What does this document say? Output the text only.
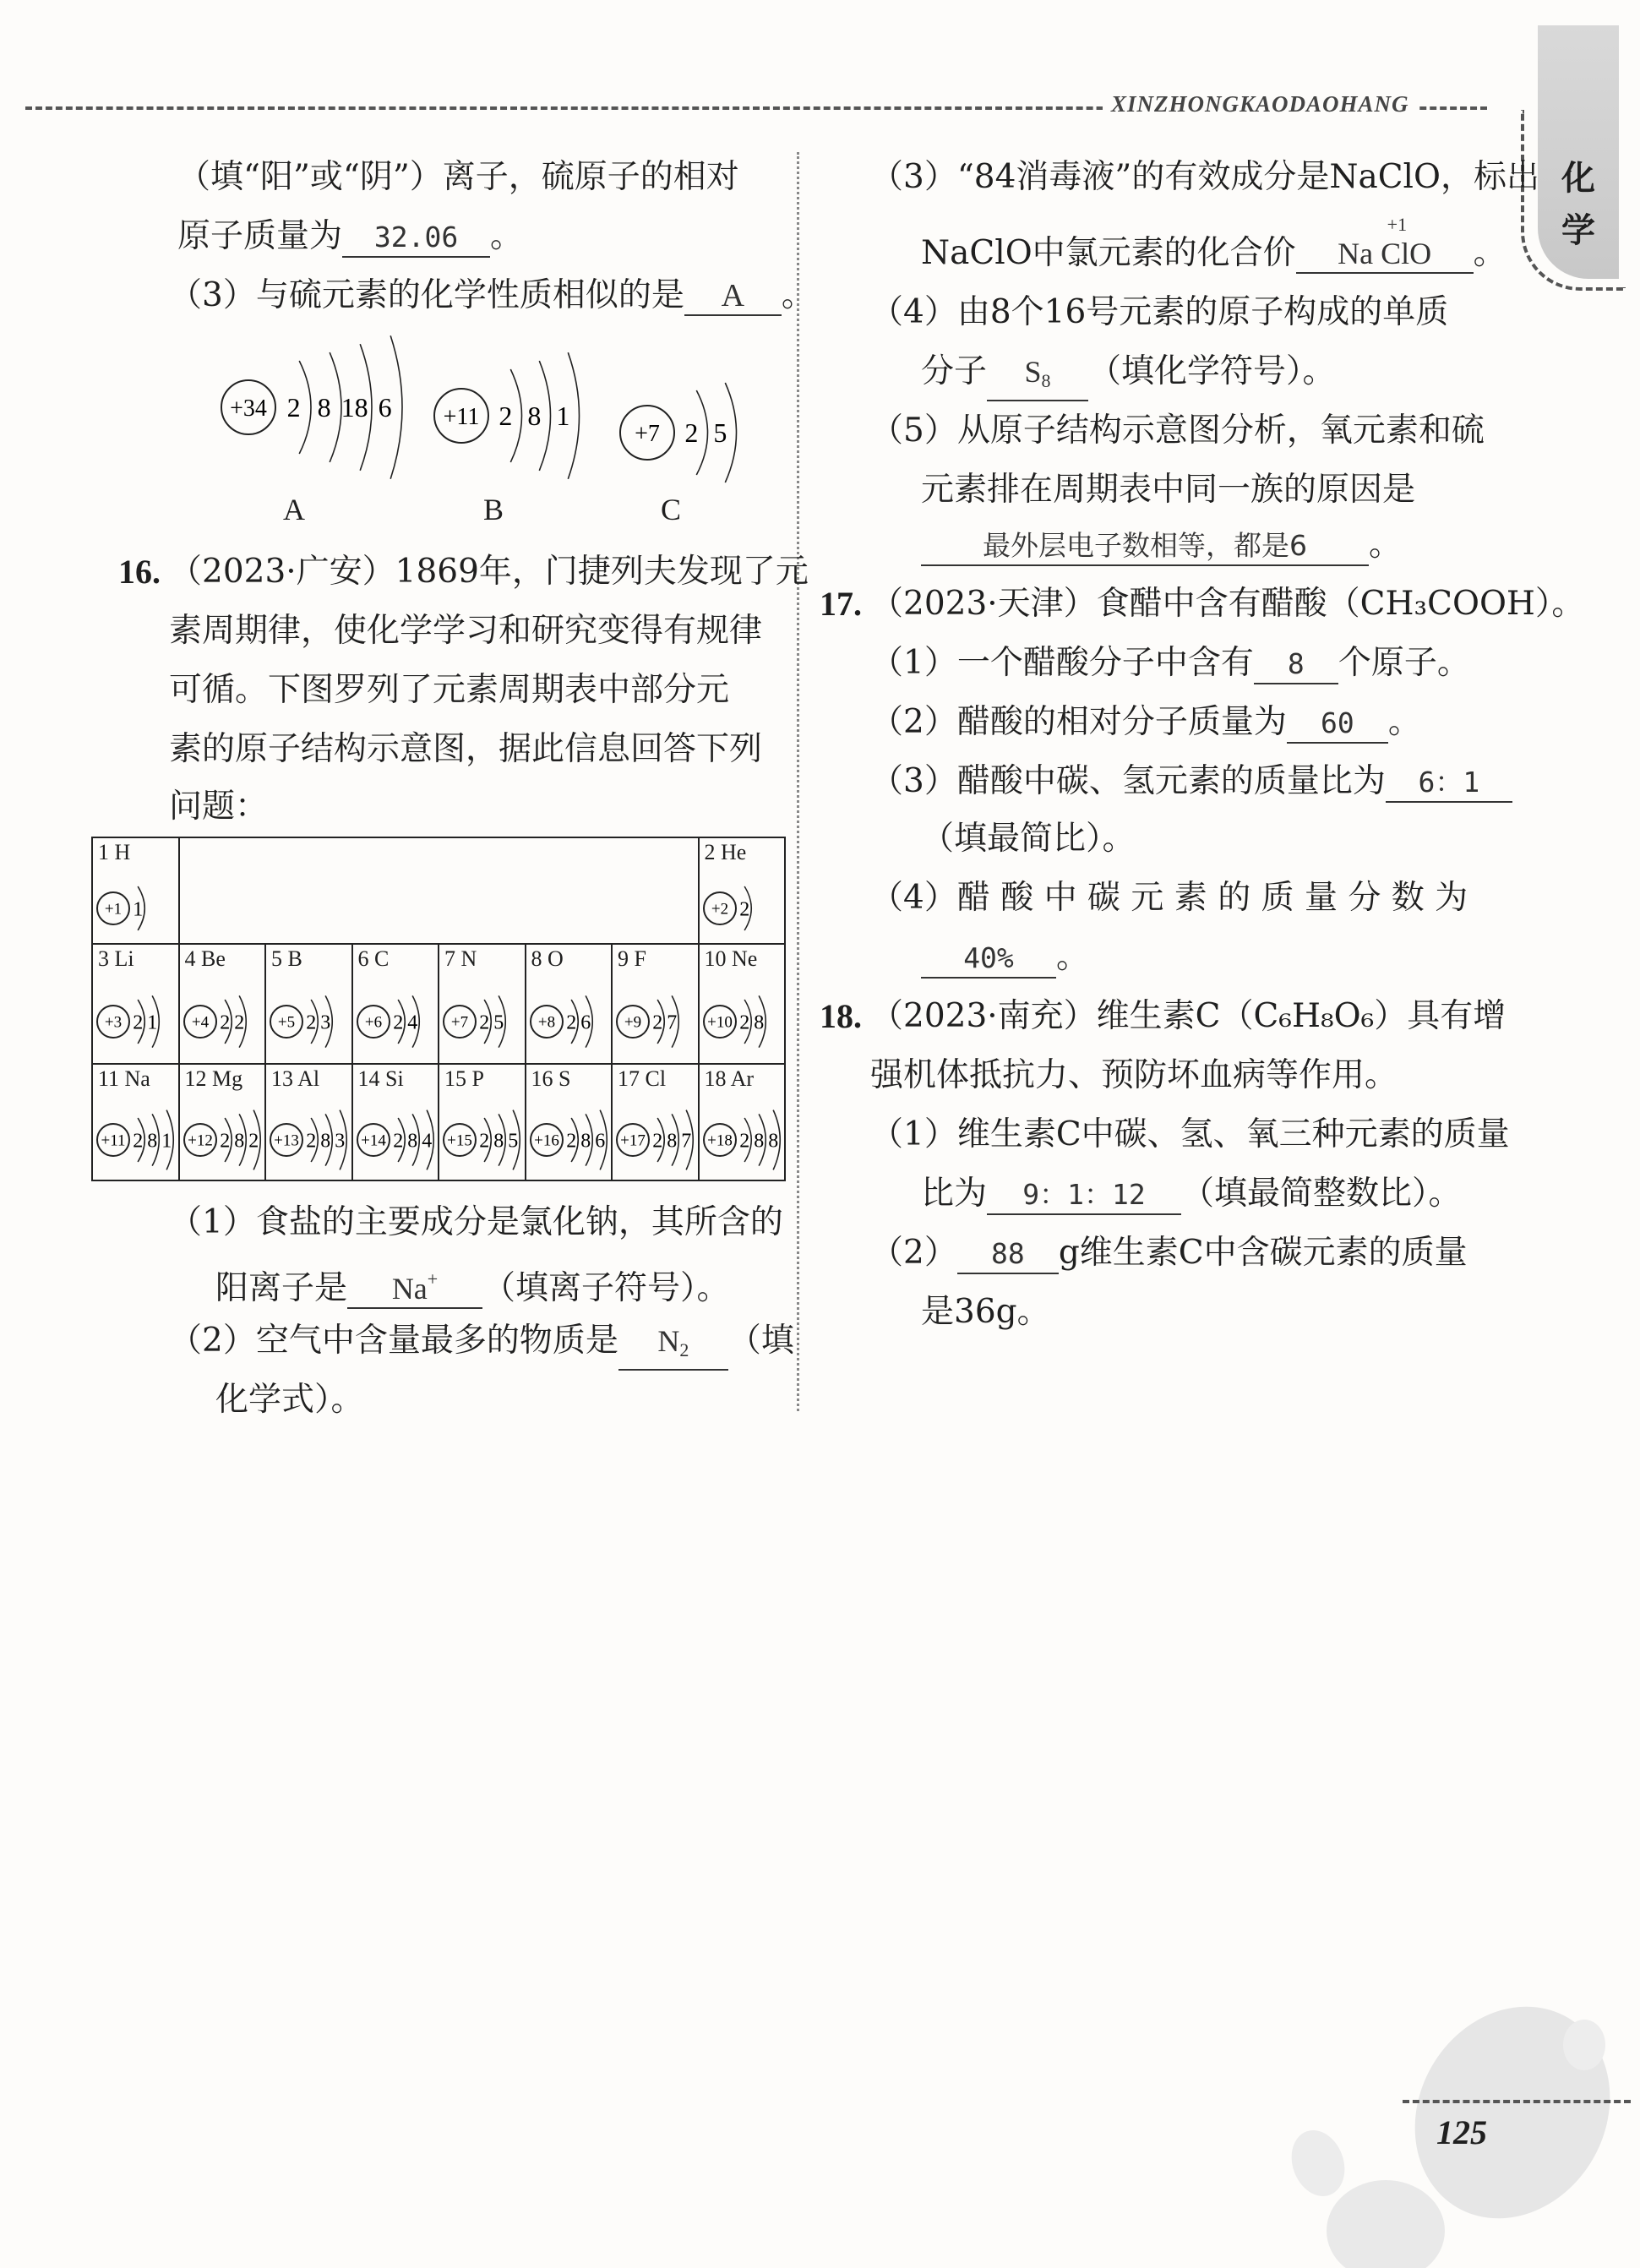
XINZHONGKAODAOHANG
化学
（填“阳”或“阴”）离子，硫原子的相对
原子质量为 32.06 。
（3）与硫元素的化学性质相似的是 A 。
+34 2 8 18 6 +11 2 8 1
+7 2 5
A	B	C
16. （2023·广安）1869年，门捷列夫发现了元
素周期律，使化学学习和研究变得有规律
可循。下图罗列了元素周期表中部分元
素的原子结构示意图，据此信息回答下列
问题：
1 H
+1 1
2 He
+2 2
3 Li
+3 2 1
4 Be
+4 2 2
5 B
+5 2 3
6 C
+6 2 4
7 N
+7 2 5
8 O
+8 2 6
9 F
+9 2 7
10 Ne
+10 2 8
11 Na
+11 2 8 1
12 Mg
+12 2 8 2
13 Al
+13 2 8 3
14 Si
+14 2 8 4
15 P
+15 2 8 5
16 S
+16 2 8 6
17 Cl
+17 2 8 7
18 Ar
+18 2 8 8
（1）食盐的主要成分是氯化钠，其所含的
阳离子是 Na+ （填离子符号）。
（2）空气中含量最多的物质是 $N_2$ （填
化学式）。
（3）“84消毒液”的有效成分是NaClO，标出
NaClO中氯元素的化合价
+1
Na ClO 。
（4）由8个16号元素的原子构成的单质
分子 $S_8$ （填化学符号）。
（5）从原子结构示意图分析，氧元素和硫
元素排在周期表中同一族的原因是
最外层电子数相等，都是6 。
17. （2023·天津）食醋中含有醋酸（CH₃COOH）。
（1）一个醋酸分子中含有 8 个原子。
（2）醋酸的相对分子质量为 60 。
（3）醋酸中碳、氢元素的质量比为 6：1
（填最简比）。
（4）醋 酸 中 碳 元 素 的 质 量 分 数 为
40% 。
18. （2023·南充）维生素C（C₆H₈O₆）具有增
强机体抵抗力、预防坏血病等作用。
（1）维生素C中碳、氢、氧三种元素的质量
比为 9：1：12 （填最简整数比）。
（2） 88 g维生素C中含碳元素的质量
是36g。
125
